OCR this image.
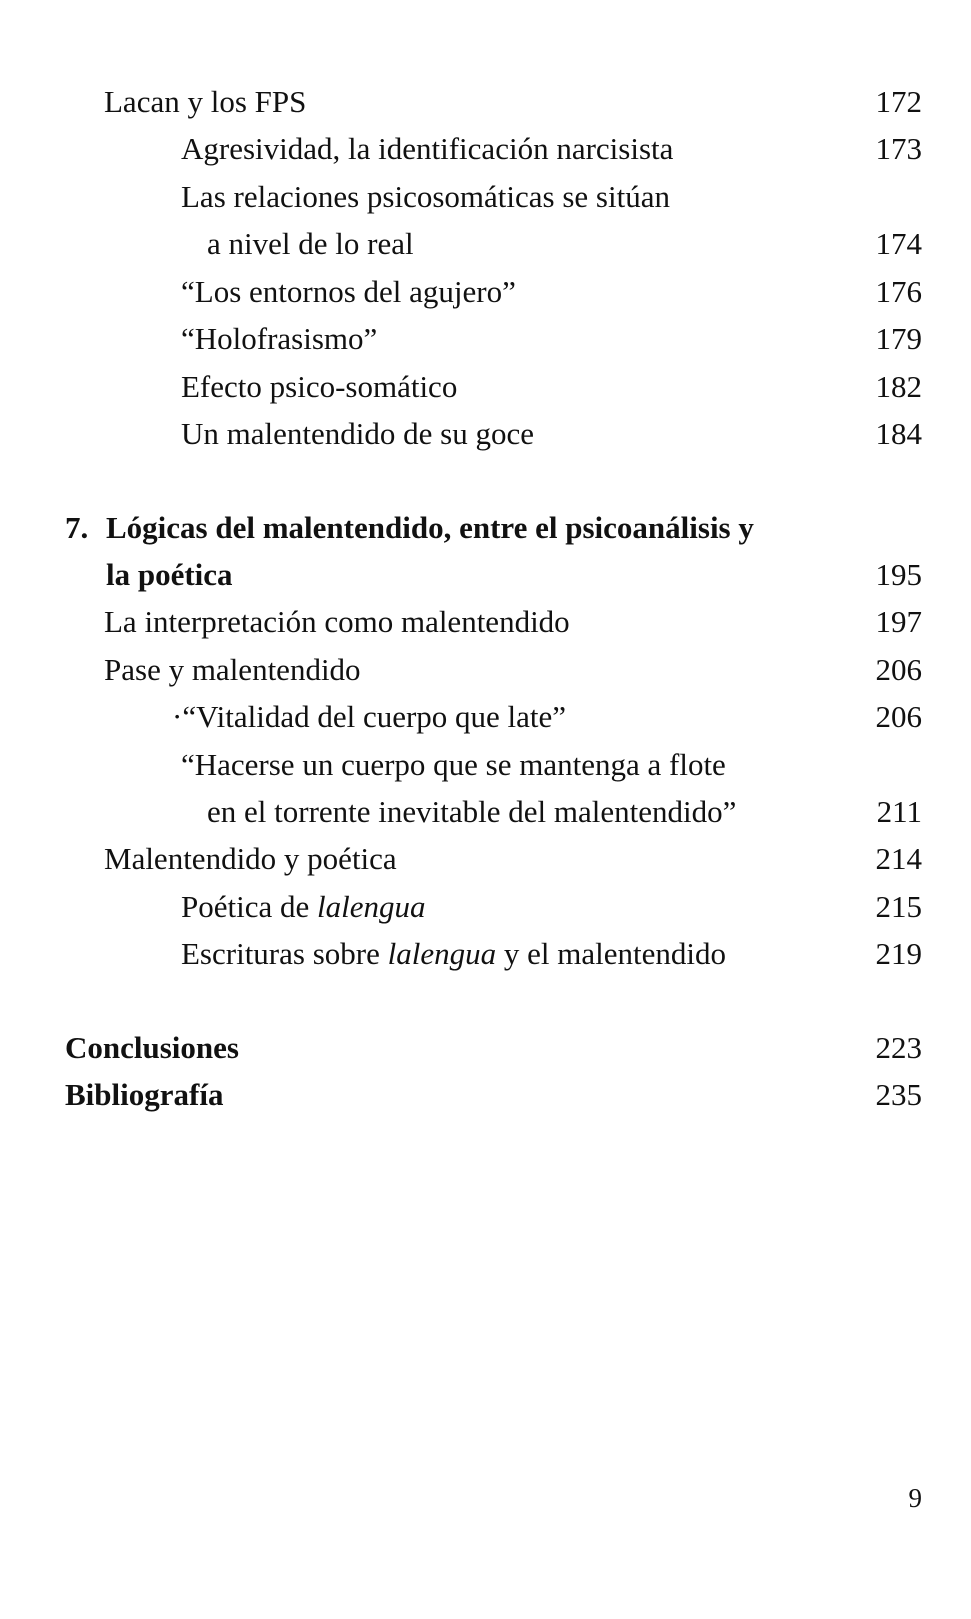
Lacan y los FPS	172
Agresividad, la identificación narcisista	173
Las relaciones psicosomáticas se sitúan
a nivel de lo real	174
“Los entornos del agujero”	176
“Holofrasismo”	179
Efecto psico-somático	182
Un malentendido de su goce	184
7. Lógicas del malentendido, entre el psicoanálisis y
la poética	195
La interpretación como malentendido	197
Pase y malentendido	206
·“Vitalidad del cuerpo que late”	206
“Hacerse un cuerpo que se mantenga a flote
en el torrente inevitable del malentendido”	211
Malentendido y poética	214
Poética de lalengua	215
Escrituras sobre lalengua y el malentendido	219
Conclusiones	223
Bibliografía	235
9
